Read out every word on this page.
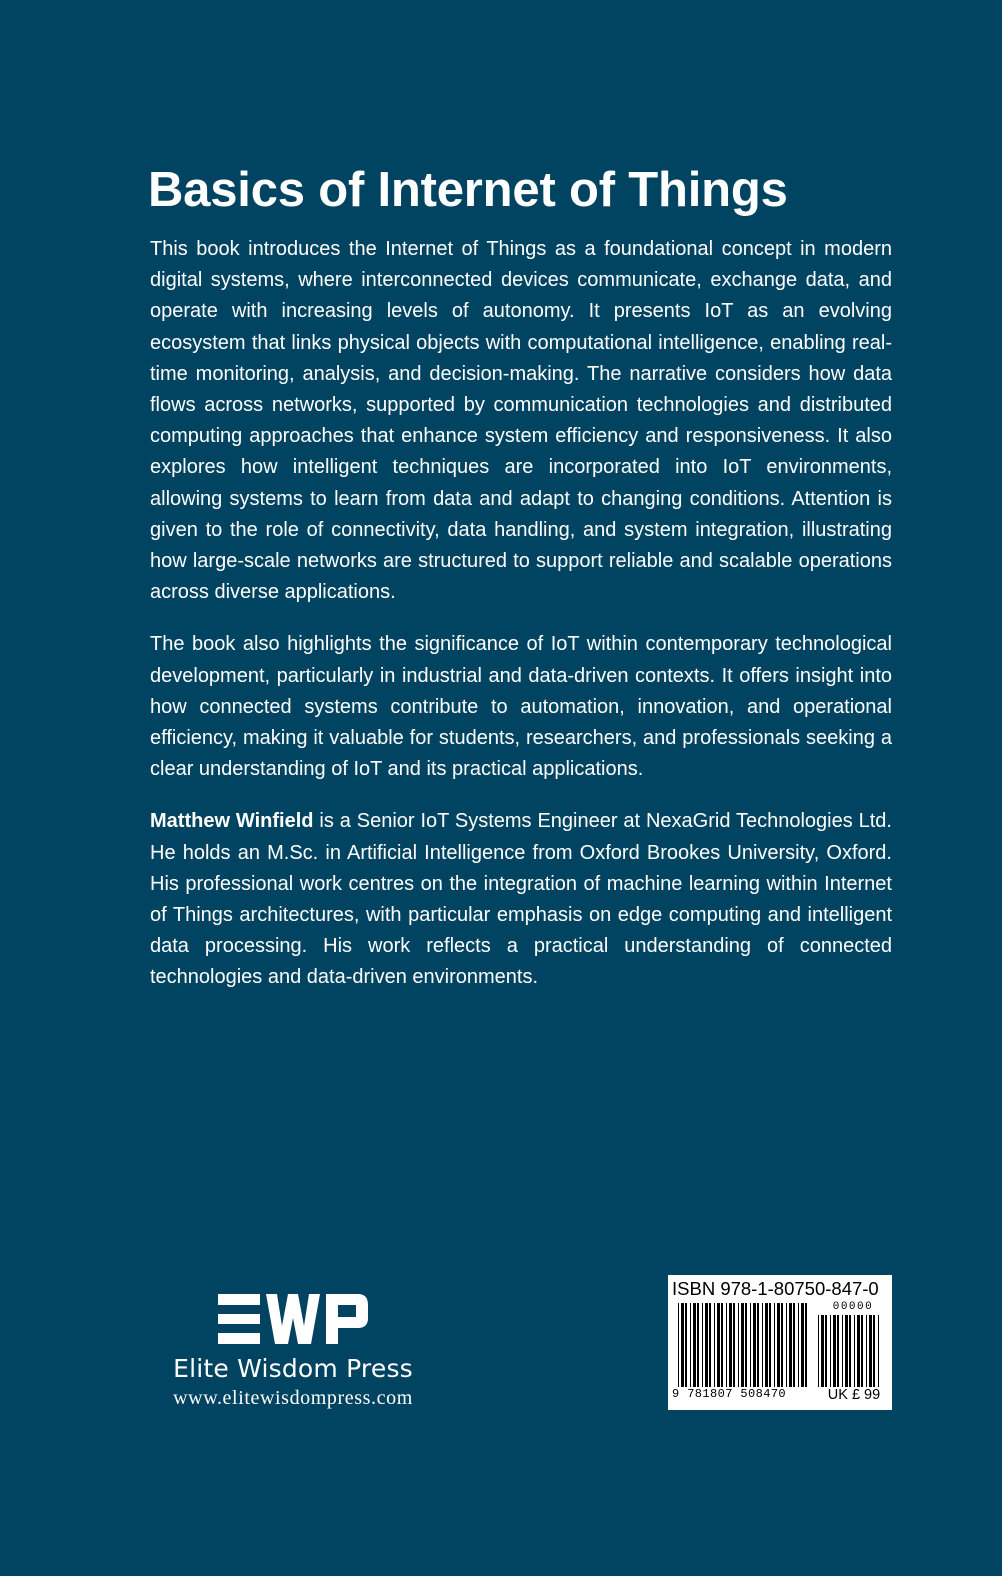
Basics of Internet of Things

This book introduces the Internet of Things as a foundational concept in modern digital systems, where interconnected devices communicate, exchange data, and operate with increasing levels of autonomy. It presents IoT as an evolving ecosystem that links physical objects with computational intelligence, enabling real-time monitoring, analysis, and decision-making. The narrative considers how data flows across networks, supported by communication technologies and distributed computing approaches that enhance system efficiency and responsiveness. It also explores how intelligent techniques are incorporated into IoT environments, allowing systems to learn from data and adapt to changing conditions. Attention is given to the role of connectivity, data handling, and system integration, illustrating how large-scale networks are structured to support reliable and scalable operations across diverse applications.

The book also highlights the significance of IoT within contemporary technological development, particularly in industrial and data-driven contexts. It offers insight into how connected systems contribute to automation, innovation, and operational efficiency, making it valuable for students, researchers, and professionals seeking a clear understanding of IoT and its practical applications.

Matthew Winfield is a Senior IoT Systems Engineer at NexaGrid Technologies Ltd. He holds an M.Sc. in Artificial Intelligence from Oxford Brookes University, Oxford. His professional work centres on the integration of machine learning within Internet of Things architectures, with particular emphasis on edge computing and intelligent data processing. His work reflects a practical understanding of connected technologies and data-driven environments.

Elite Wisdom Press
www.elitewisdompress.com
ISBN 978-1-80750-847-0
00000
9 781807 508470	UK £ 99
